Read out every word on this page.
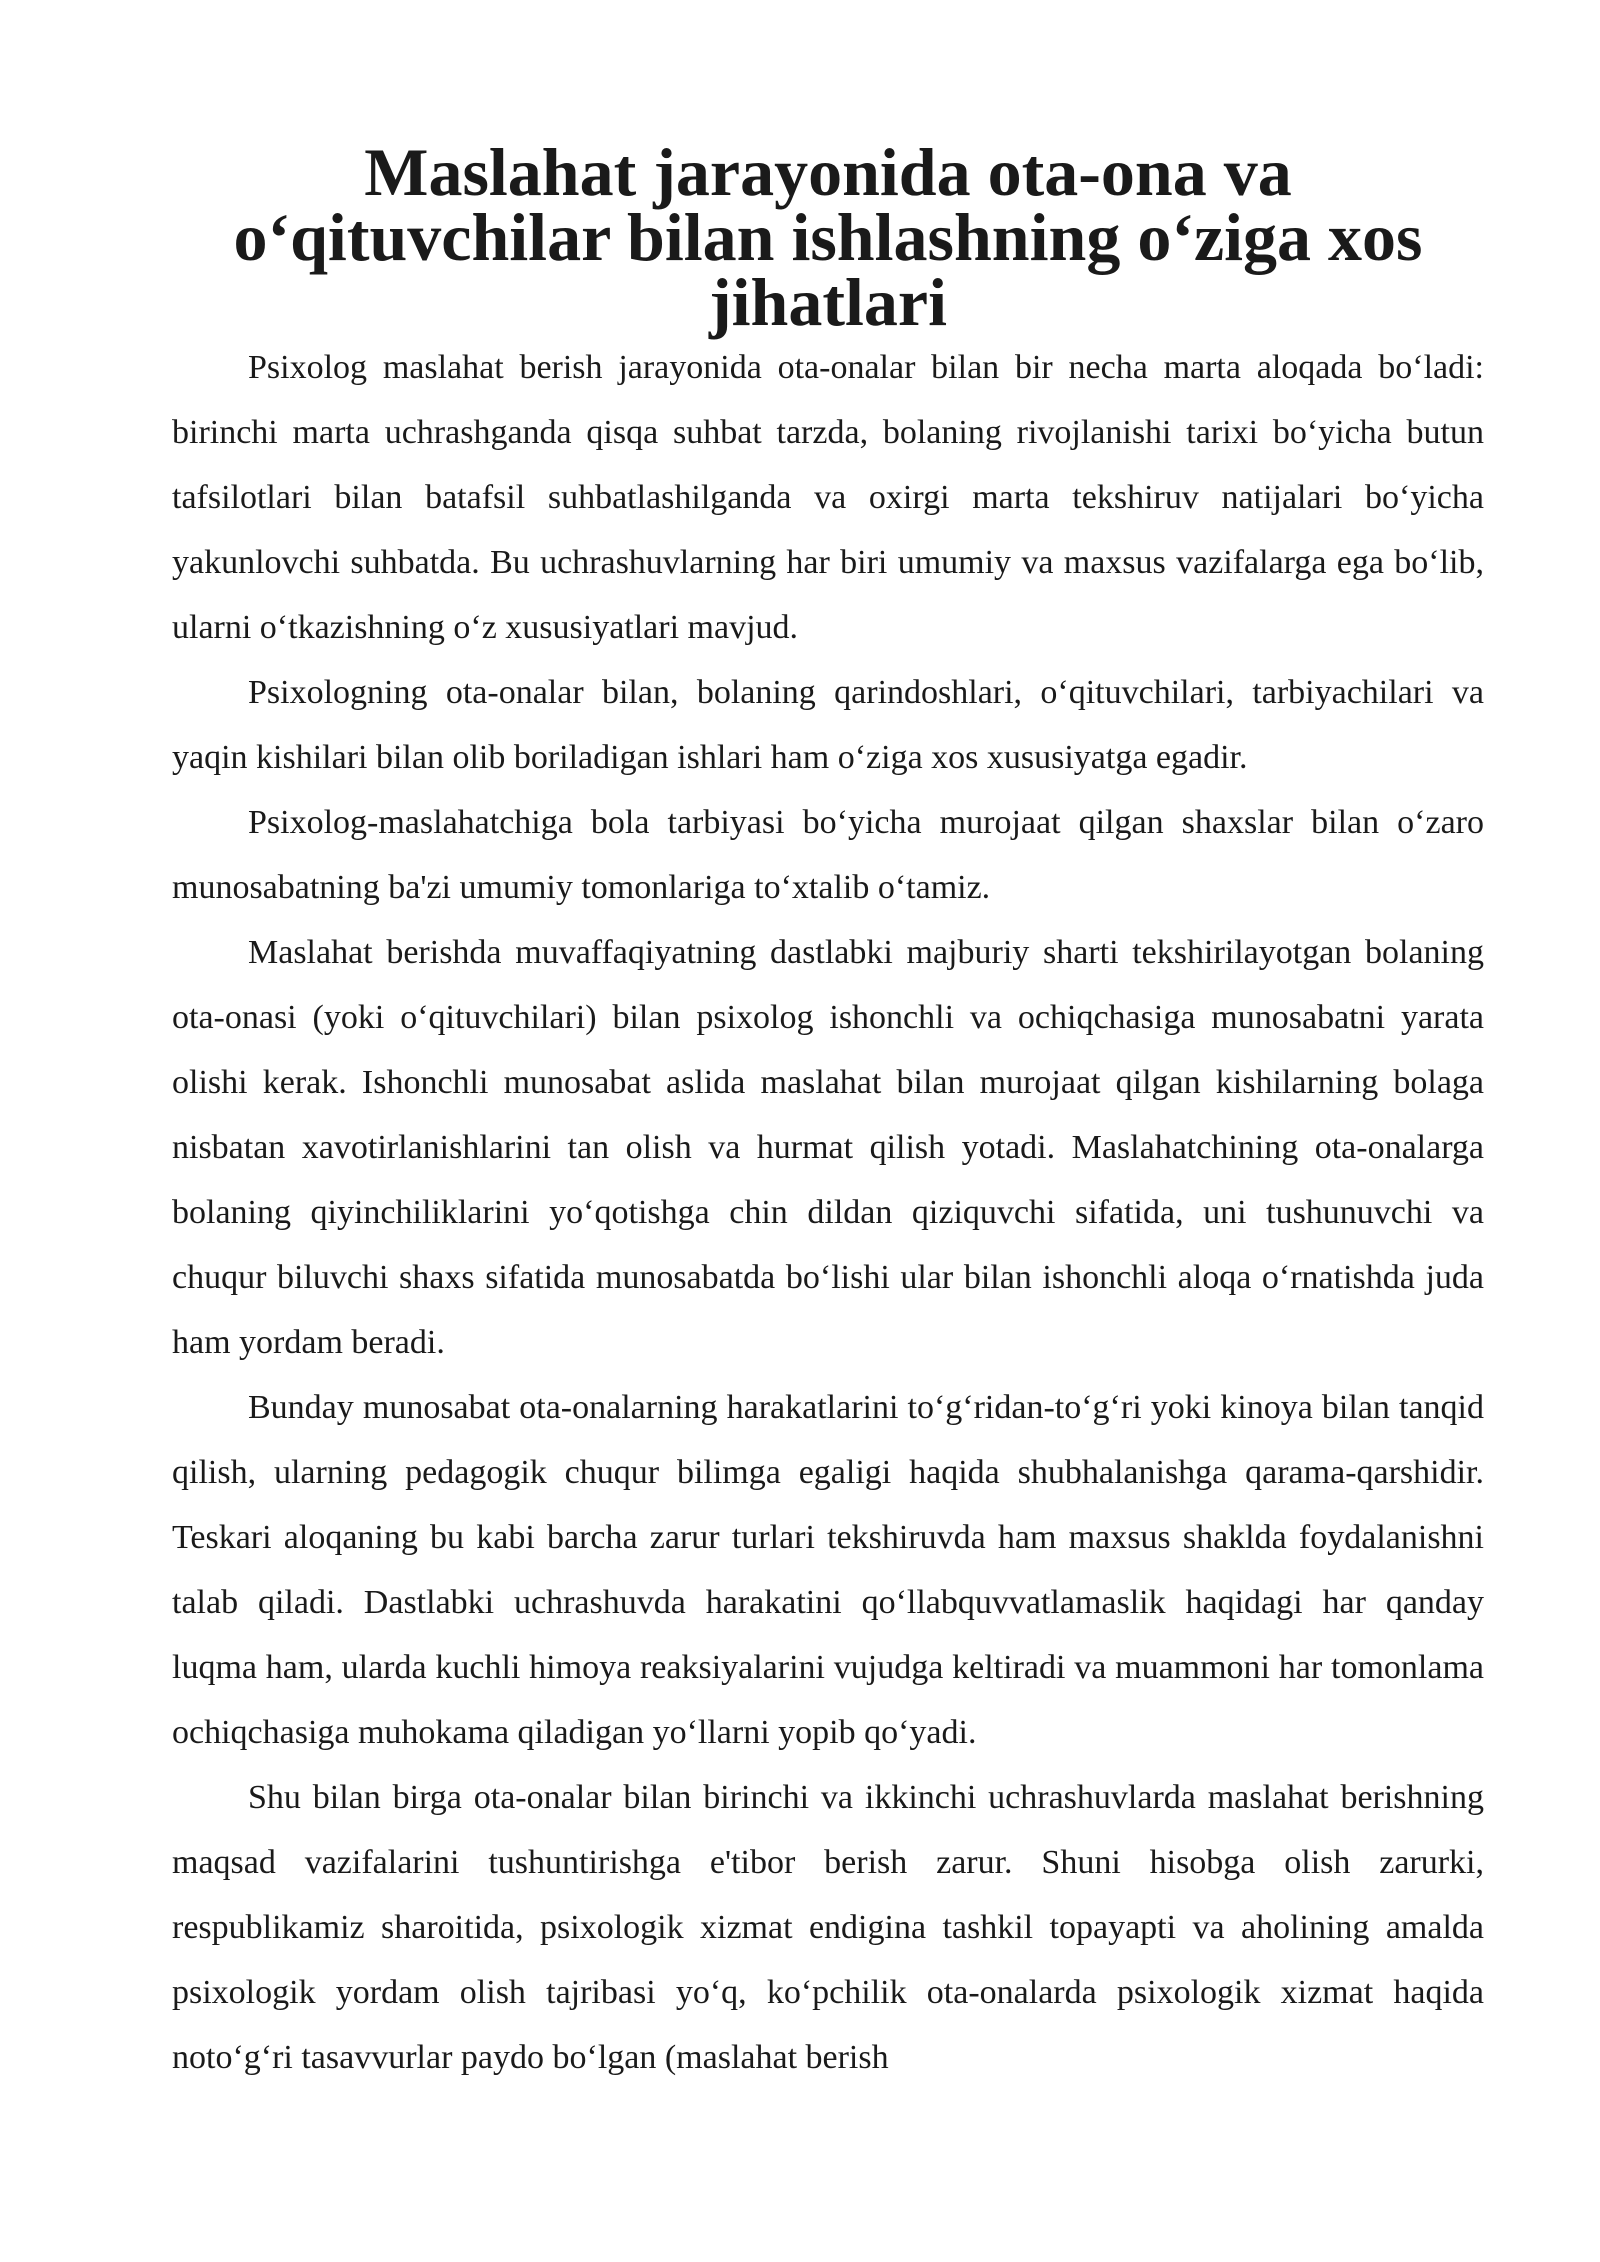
Maslahat jarayonida ota-ona va o‘qituvchilar bilan ishlashning o‘ziga xos jihatlari

Psixolog maslahat berish jarayonida ota-onalar bilan bir necha marta aloqada bo‘ladi: birinchi marta uchrashganda qisqa suhbat tarzda, bolaning rivojlanishi tarixi bo‘yicha butun tafsilotlari bilan batafsil suhbatlashilganda va oxirgi marta tekshiruv natijalari bo‘yicha yakunlovchi suhbatda. Bu uchrashuvlarning har biri umumiy va maxsus vazifalarga ega bo‘lib, ularni o‘tkazishning o‘z xususiyatlari mavjud.

Psixologning ota-onalar bilan, bolaning qarindoshlari, o‘qituvchilari, tarbiyachilari va yaqin kishilari bilan olib boriladigan ishlari ham o‘ziga xos xususiyatga egadir.

Psixolog-maslahatchiga bola tarbiyasi bo‘yicha murojaat qilgan shaxslar bilan o‘zaro munosabatning ba'zi umumiy tomonlariga to‘xtalib o‘tamiz.

Maslahat berishda muvaffaqiyatning dastlabki majburiy sharti tekshirilayotgan bolaning ota-onasi (yoki o‘qituvchilari) bilan psixolog ishonchli va ochiqchasiga munosabatni yarata olishi kerak. Ishonchli munosabat aslida maslahat bilan murojaat qilgan kishilarning bolaga nisbatan xavotirlanishlarini tan olish va hurmat qilish yotadi. Maslahatchining ota-onalarga bolaning qiyinchiliklarini yo‘qotishga chin dildan qiziquvchi sifatida, uni tushunuvchi va chuqur biluvchi shaxs sifatida munosabatda bo‘lishi ular bilan ishonchli aloqa o‘rnatishda juda ham yordam beradi.

Bunday munosabat ota-onalarning harakatlarini to‘g‘ridan-to‘g‘ri yoki kinoya bilan tanqid qilish, ularning pedagogik chuqur bilimga egaligi haqida shubhalanishga qarama-qarshidir. Teskari aloqaning bu kabi barcha zarur turlari tekshiruvda ham maxsus shaklda foydalanishni talab qiladi. Dastlabki uchrashuvda harakatini qo‘llabquvvatlamaslik haqidagi har qanday luqma ham, ularda kuchli himoya reaksiyalarini vujudga keltiradi va muammoni har tomonlama ochiqchasiga muhokama qiladigan yo‘llarni yopib qo‘yadi.

Shu bilan birga ota-onalar bilan birinchi va ikkinchi uchrashuvlarda maslahat berishning maqsad vazifalarini tushuntirishga e'tibor berish zarur. Shuni hisobga olish zarurki, respublikamiz sharoitida, psixologik xizmat endigina tashkil topayapti va aholining amalda psixologik yordam olish tajribasi yo‘q, ko‘pchilik ota-onalarda psixologik xizmat haqida noto‘g‘ri tasavvurlar paydo bo‘lgan (maslahat berish
